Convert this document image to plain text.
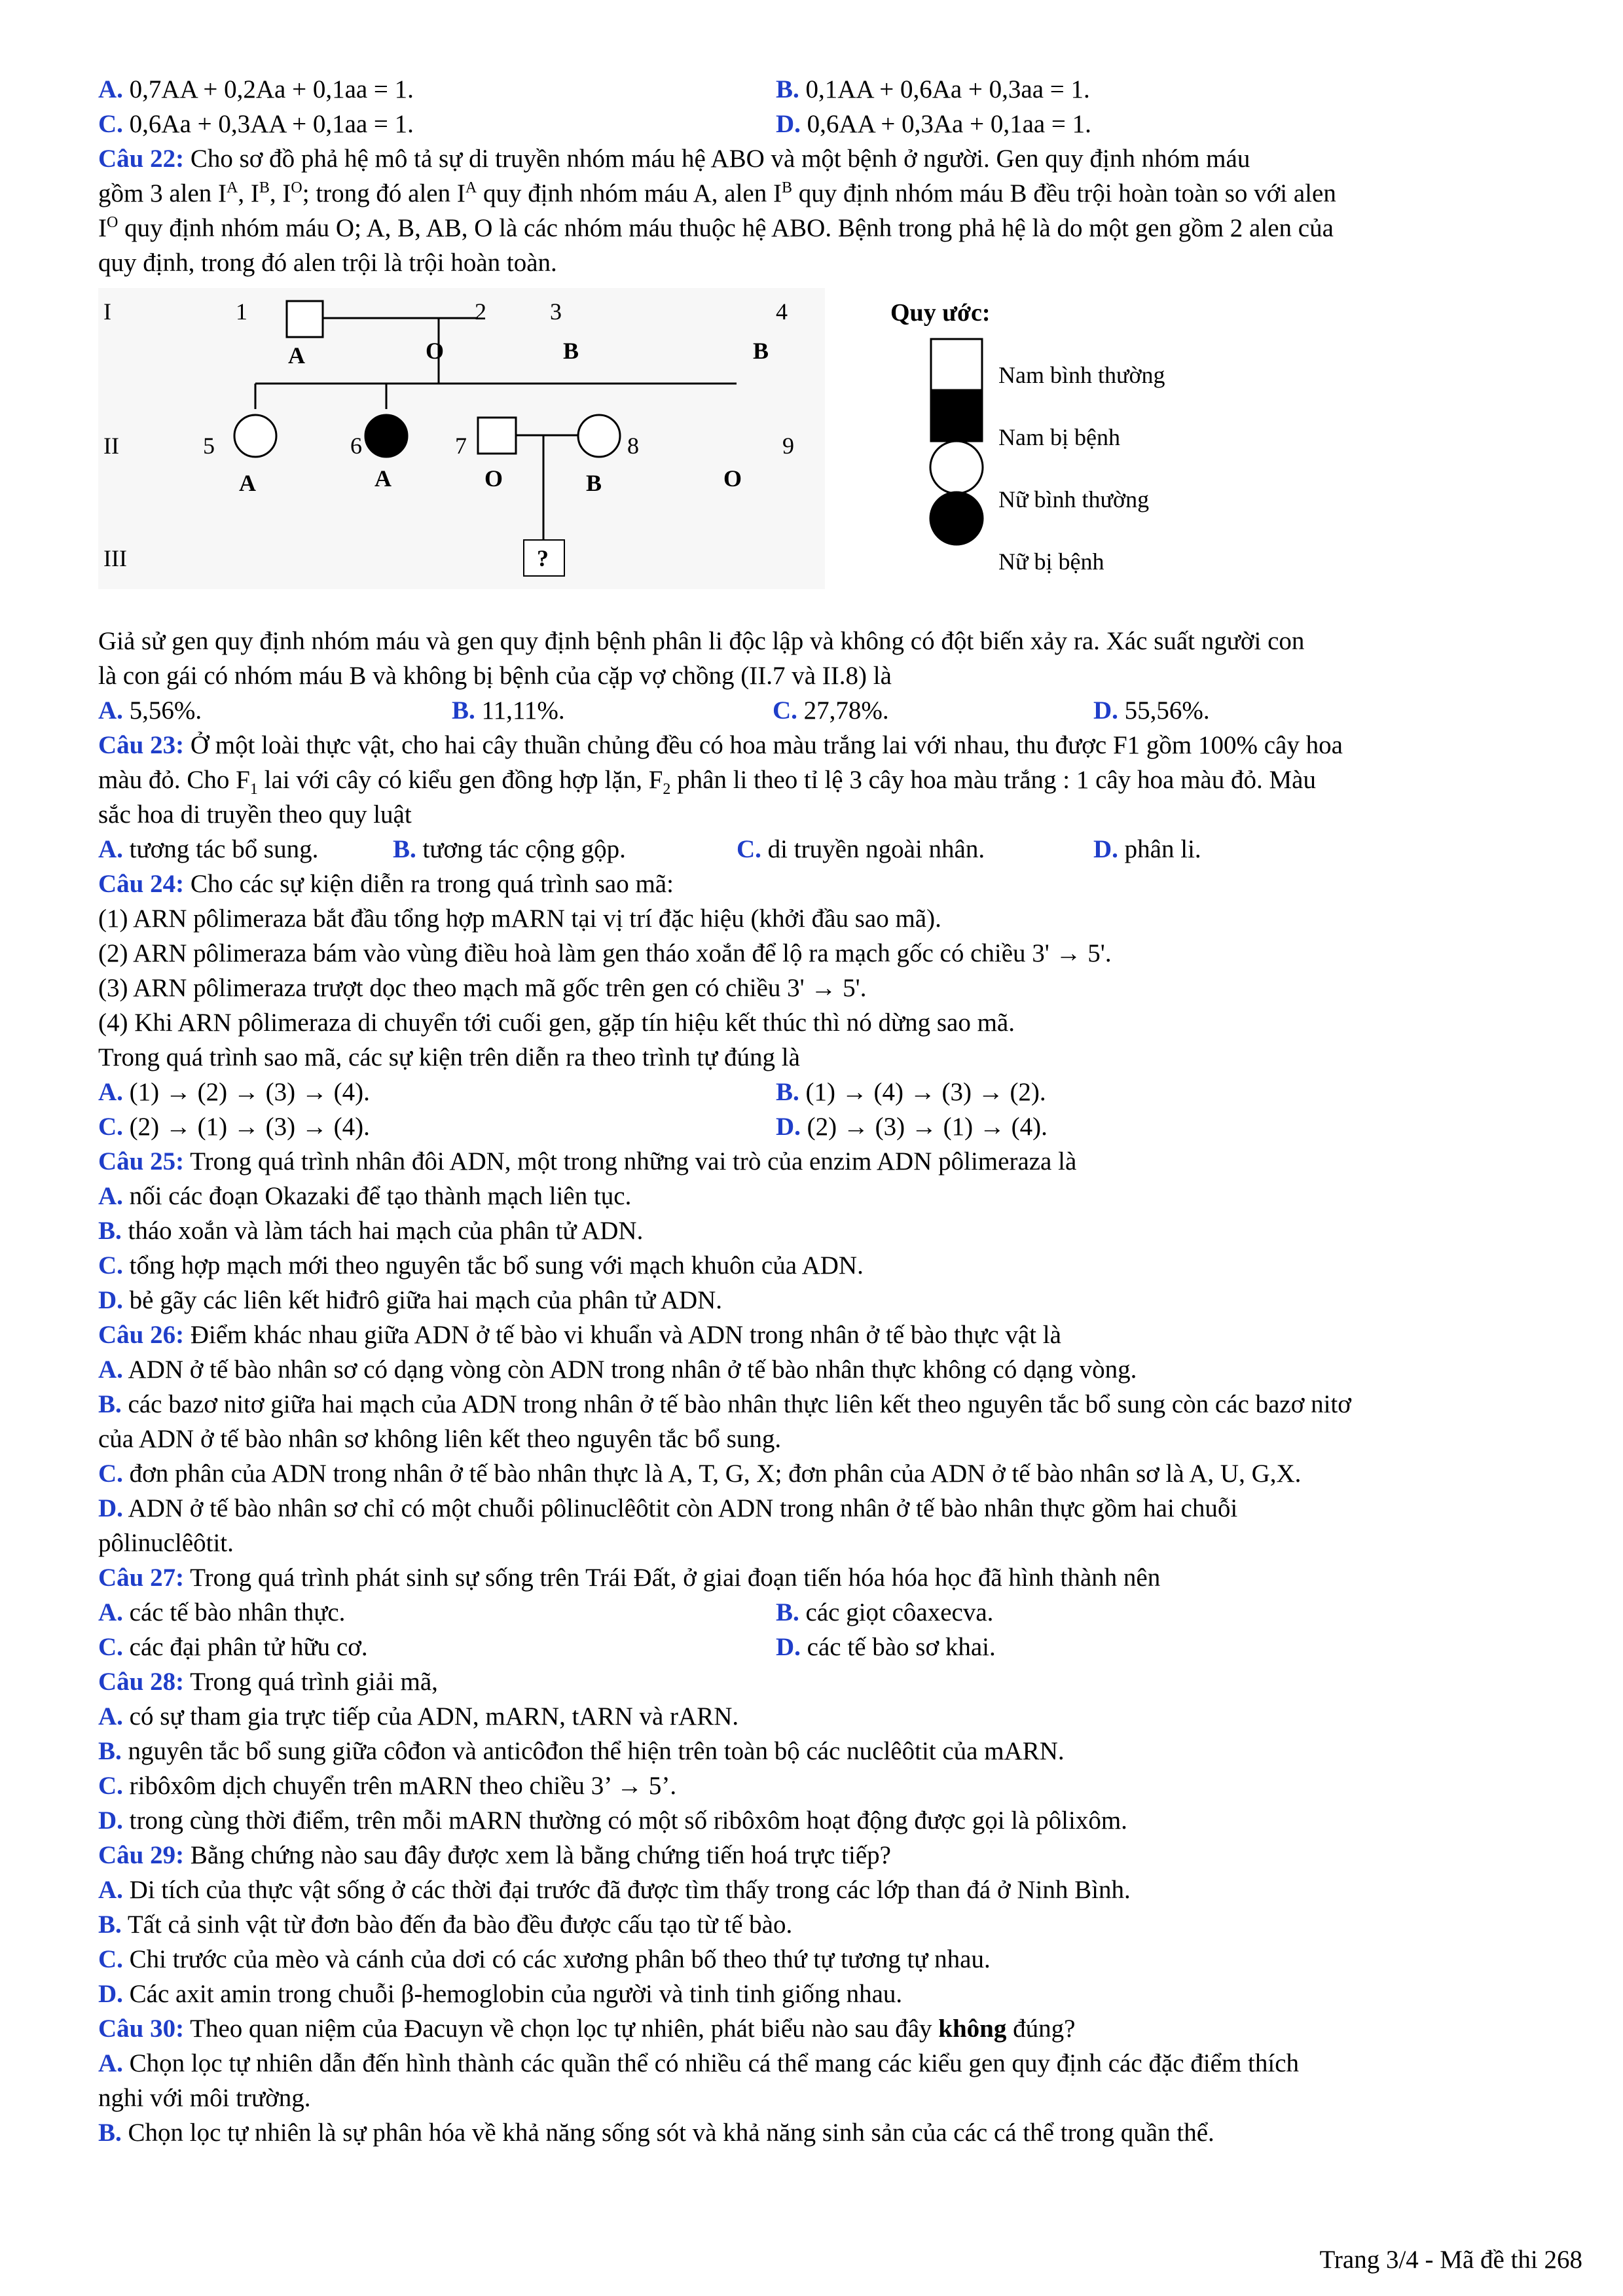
A. 0,7AA + 0,2Aa + 0,1aa = 1.	B. 0,1AA + 0,6Aa + 0,3aa = 1.
C. 0,6Aa + 0,3AA + 0,1aa = 1.	D. 0,6AA + 0,3Aa + 0,1aa = 1.
Câu 22: Cho sơ đồ phả hệ mô tả sự di truyền nhóm máu hệ ABO và một bệnh ở người. Gen quy định nhóm máu
gồm 3 alen $I^A$, $I^B$, $I^O$; trong đó alen $I^A$ quy định nhóm máu A, alen $I^B$ quy định nhóm máu B đều trội hoàn toàn so với alen
$I^O$ quy định nhóm máu O; A, B, AB, O là các nhóm máu thuộc hệ ABO. Bệnh trong phả hệ là do một gen gồm 2 alen của
quy định, trong đó alen trội là trội hoàn toàn.
I
II
III
1	2	3	4
5	6	7	8	9
A	O	B	B
A	A	O	B	O
?
Quy ước:
Nam bình thường
Nam bị bệnh
Nữ bình thường
Nữ bị bệnh
Giả sử gen quy định nhóm máu và gen quy định bệnh phân li độc lập và không có đột biến xảy ra. Xác suất người con
là con gái có nhóm máu B và không bị bệnh của cặp vợ chồng (II.7 và II.8) là
A. 5,56%.	B. 11,11%.	C. 27,78%.	D. 55,56%.
Câu 23: Ở một loài thực vật, cho hai cây thuần chủng đều có hoa màu trắng lai với nhau, thu được F1 gồm 100% cây hoa
màu đỏ. Cho $F_1$ lai với cây có kiểu gen đồng hợp lặn, $F_2$ phân li theo tỉ lệ 3 cây hoa màu trắng : 1 cây hoa màu đỏ. Màu
sắc hoa di truyền theo quy luật
A. tương tác bổ sung.	B. tương tác cộng gộp.	C. di truyền ngoài nhân.	D. phân li.
Câu 24: Cho các sự kiện diễn ra trong quá trình sao mã:
(1) ARN pôlimeraza bắt đầu tổng hợp mARN tại vị trí đặc hiệu (khởi đầu sao mã).
(2) ARN pôlimeraza bám vào vùng điều hoà làm gen tháo xoắn để lộ ra mạch gốc có chiều 3' → 5'.
(3) ARN pôlimeraza trượt dọc theo mạch mã gốc trên gen có chiều 3' → 5'.
(4) Khi ARN pôlimeraza di chuyển tới cuối gen, gặp tín hiệu kết thúc thì nó dừng sao mã.
Trong quá trình sao mã, các sự kiện trên diễn ra theo trình tự đúng là
A. (1) → (2) → (3) → (4).	B. (1) → (4) → (3) → (2).
C. (2) → (1) → (3) → (4).	D. (2) → (3) → (1) → (4).
Câu 25: Trong quá trình nhân đôi ADN, một trong những vai trò của enzim ADN pôlimeraza là
A. nối các đoạn Okazaki để tạo thành mạch liên tục.
B. tháo xoắn và làm tách hai mạch của phân tử ADN.
C. tổng hợp mạch mới theo nguyên tắc bổ sung với mạch khuôn của ADN.
D. bẻ gãy các liên kết hiđrô giữa hai mạch của phân tử ADN.
Câu 26: Điểm khác nhau giữa ADN ở tế bào vi khuẩn và ADN trong nhân ở tế bào thực vật là
A. ADN ở tế bào nhân sơ có dạng vòng còn ADN trong nhân ở tế bào nhân thực không có dạng vòng.
B. các bazơ nitơ giữa hai mạch của ADN trong nhân ở tế bào nhân thực liên kết theo nguyên tắc bổ sung còn các bazơ nitơ
của ADN ở tế bào nhân sơ không liên kết theo nguyên tắc bổ sung.
C. đơn phân của ADN trong nhân ở tế bào nhân thực là A, T, G, X; đơn phân của ADN ở tế bào nhân sơ là A, U, G,X.
D. ADN ở tế bào nhân sơ chỉ có một chuỗi pôlinuclêôtit còn ADN trong nhân ở tế bào nhân thực gồm hai chuỗi
pôlinuclêôtit.
Câu 27: Trong quá trình phát sinh sự sống trên Trái Đất, ở giai đoạn tiến hóa hóa học đã hình thành nên
A. các tế bào nhân thực.	B. các giọt côaxecva.
C. các đại phân tử hữu cơ.	D. các tế bào sơ khai.
Câu 28: Trong quá trình giải mã,
A. có sự tham gia trực tiếp của ADN, mARN, tARN và rARN.
B. nguyên tắc bổ sung giữa côđon và anticôđon thể hiện trên toàn bộ các nuclêôtit của mARN.
C. ribôxôm dịch chuyển trên mARN theo chiều 3’ → 5’.
D. trong cùng thời điểm, trên mỗi mARN thường có một số ribôxôm hoạt động được gọi là pôlixôm.
Câu 29: Bằng chứng nào sau đây được xem là bằng chứng tiến hoá trực tiếp?
A. Di tích của thực vật sống ở các thời đại trước đã được tìm thấy trong các lớp than đá ở Ninh Bình.
B. Tất cả sinh vật từ đơn bào đến đa bào đều được cấu tạo từ tế bào.
C. Chi trước của mèo và cánh của dơi có các xương phân bố theo thứ tự tương tự nhau.
D. Các axit amin trong chuỗi β-hemoglobin của người và tinh tinh giống nhau.
Câu 30: Theo quan niệm của Đacuyn về chọn lọc tự nhiên, phát biểu nào sau đây không đúng?
A. Chọn lọc tự nhiên dẫn đến hình thành các quần thể có nhiều cá thể mang các kiểu gen quy định các đặc điểm thích
nghi với môi trường.
B. Chọn lọc tự nhiên là sự phân hóa về khả năng sống sót và khả năng sinh sản của các cá thể trong quần thể.
Trang 3/4 - Mã đề thi 268
